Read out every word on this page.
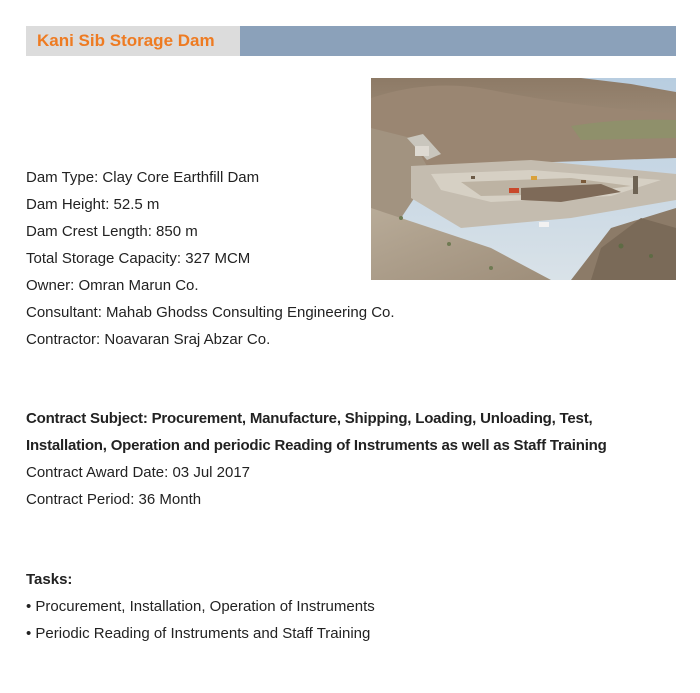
Kani Sib Storage Dam
Dam Type: Clay Core Earthfill Dam
Dam Height: 52.5 m
Dam Crest Length: 850 m
Total Storage Capacity: 327 MCM
Owner: Omran Marun Co.
Consultant: Mahab Ghodss Consulting Engineering Co.
Contractor: Noavaran Sraj Abzar Co.
Contract Subject: Procurement, Manufacture, Shipping, Loading, Unloading, Test,
Installation, Operation and periodic Reading of Instruments as well as Staff Training
Contract Award Date: 03 Jul 2017
Contract Period: 36 Month
Tasks:
• Procurement, Installation, Operation of Instruments
• Periodic Reading of Instruments and Staff Training
